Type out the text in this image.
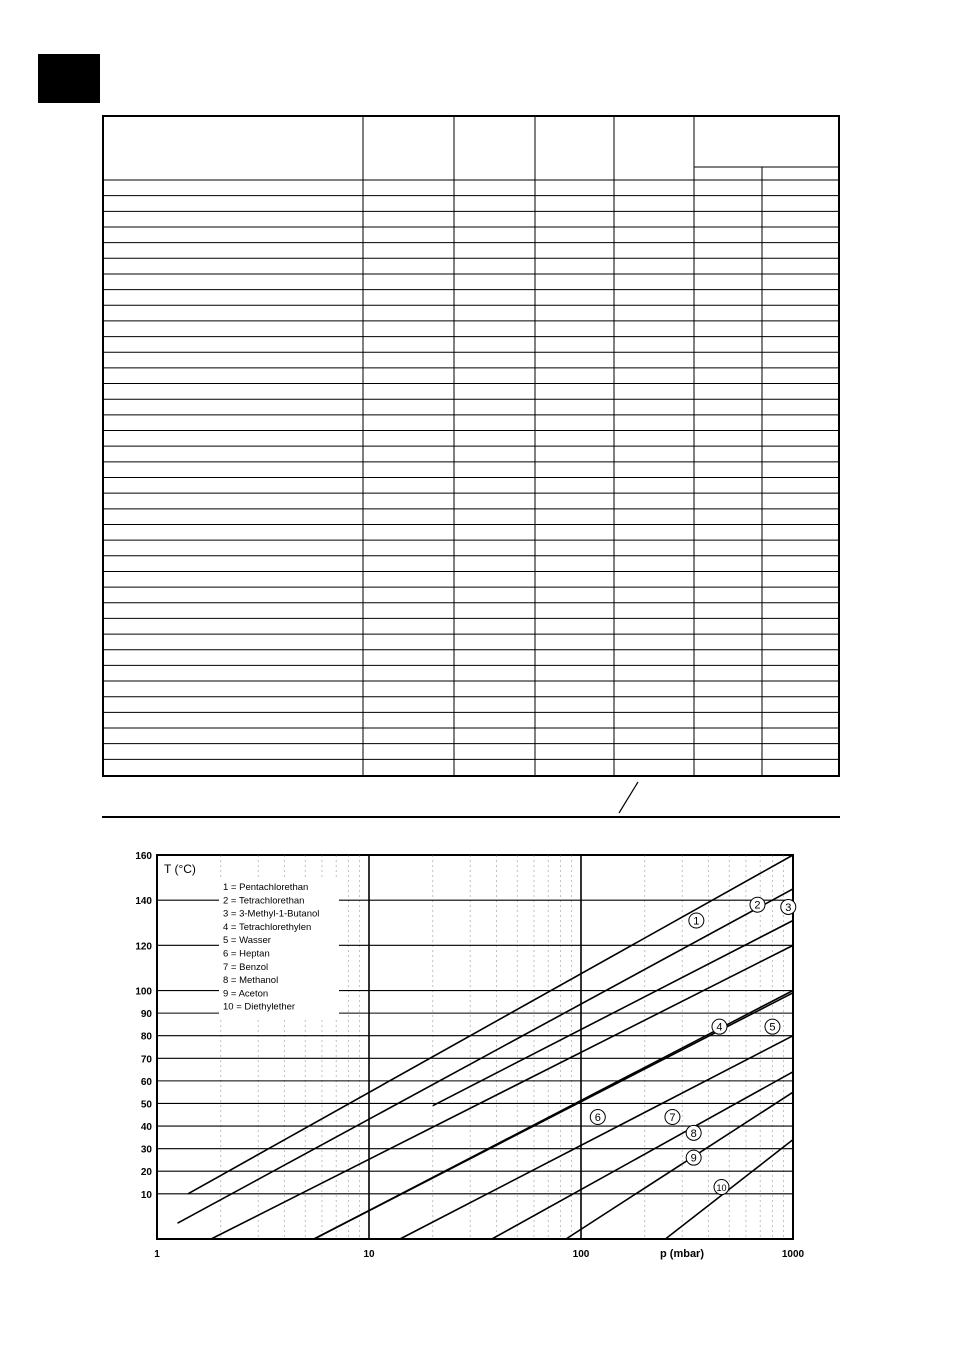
1
2 3
4	5
6	7
8
9
10
10
20
30
40
50
60
70
80
90
100
120
140
160
1	10	100	1000
T (°C)
p (mbar)
1 = Pentachlorethan
2 = Tetrachlorethan
3 = 3-Methyl-1-Butanol
4 = Tetrachlorethylen
5 = Wasser
6 = Heptan
7 = Benzol
8 = Methanol
9 = Aceton
10 = Diethylether
